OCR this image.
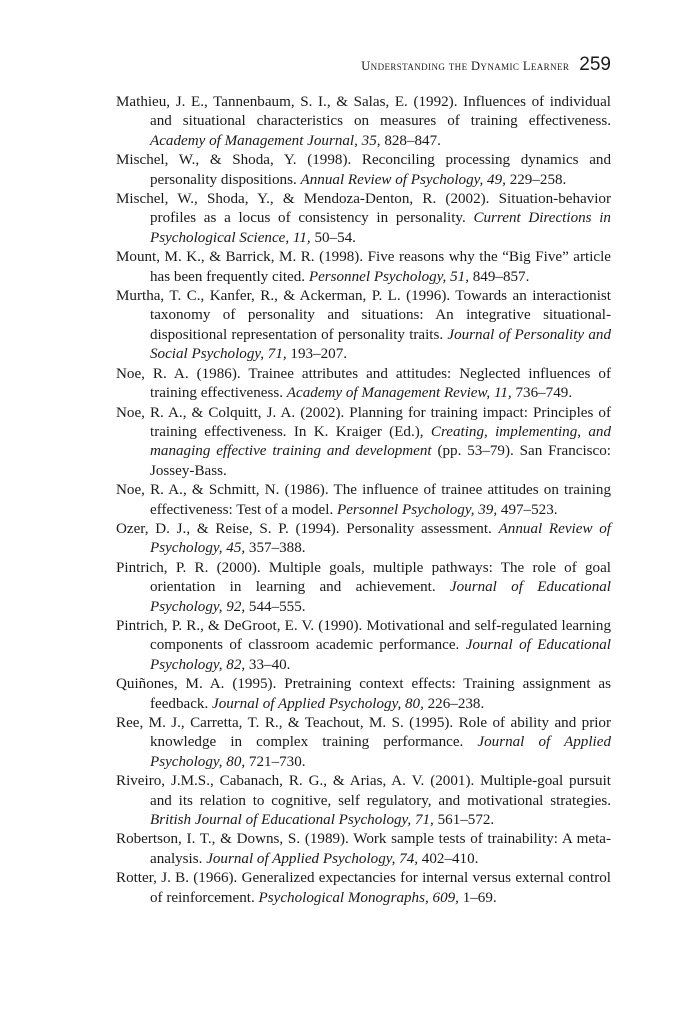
Understanding the Dynamic Learner 259
Mathieu, J. E., Tannenbaum, S. I., & Salas, E. (1992). Influences of individual and situational characteristics on measures of training effectiveness. Academy of Management Journal, 35, 828–847.
Mischel, W., & Shoda, Y. (1998). Reconciling processing dynamics and personality dispositions. Annual Review of Psychology, 49, 229–258.
Mischel, W., Shoda, Y., & Mendoza-Denton, R. (2002). Situation-behavior profiles as a locus of consistency in personality. Current Directions in Psychological Science, 11, 50–54.
Mount, M. K., & Barrick, M. R. (1998). Five reasons why the “Big Five” article has been frequently cited. Personnel Psychology, 51, 849–857.
Murtha, T. C., Kanfer, R., & Ackerman, P. L. (1996). Towards an interactionist taxonomy of personality and situations: An integrative situational-dispositional representation of personality traits. Journal of Personality and Social Psychology, 71, 193–207.
Noe, R. A. (1986). Trainee attributes and attitudes: Neglected influences of training effectiveness. Academy of Management Review, 11, 736–749.
Noe, R. A., & Colquitt, J. A. (2002). Planning for training impact: Principles of training effectiveness. In K. Kraiger (Ed.), Creating, implementing, and managing effective training and development (pp. 53–79). San Francisco: Jossey-Bass.
Noe, R. A., & Schmitt, N. (1986). The influence of trainee attitudes on training effectiveness: Test of a model. Personnel Psychology, 39, 497–523.
Ozer, D. J., & Reise, S. P. (1994). Personality assessment. Annual Review of Psychology, 45, 357–388.
Pintrich, P. R. (2000). Multiple goals, multiple pathways: The role of goal orientation in learning and achievement. Journal of Educational Psychology, 92, 544–555.
Pintrich, P. R., & DeGroot, E. V. (1990). Motivational and self-regulated learning components of classroom academic performance. Journal of Educational Psychology, 82, 33–40.
Quiñones, M. A. (1995). Pretraining context effects: Training assignment as feedback. Journal of Applied Psychology, 80, 226–238.
Ree, M. J., Carretta, T. R., & Teachout, M. S. (1995). Role of ability and prior knowledge in complex training performance. Journal of Applied Psychology, 80, 721–730.
Riveiro, J.M.S., Cabanach, R. G., & Arias, A. V. (2001). Multiple-goal pursuit and its relation to cognitive, self regulatory, and motivational strategies. British Journal of Educational Psychology, 71, 561–572.
Robertson, I. T., & Downs, S. (1989). Work sample tests of trainability: A meta-analysis. Journal of Applied Psychology, 74, 402–410.
Rotter, J. B. (1966). Generalized expectancies for internal versus external control of reinforcement. Psychological Monographs, 609, 1–69.
